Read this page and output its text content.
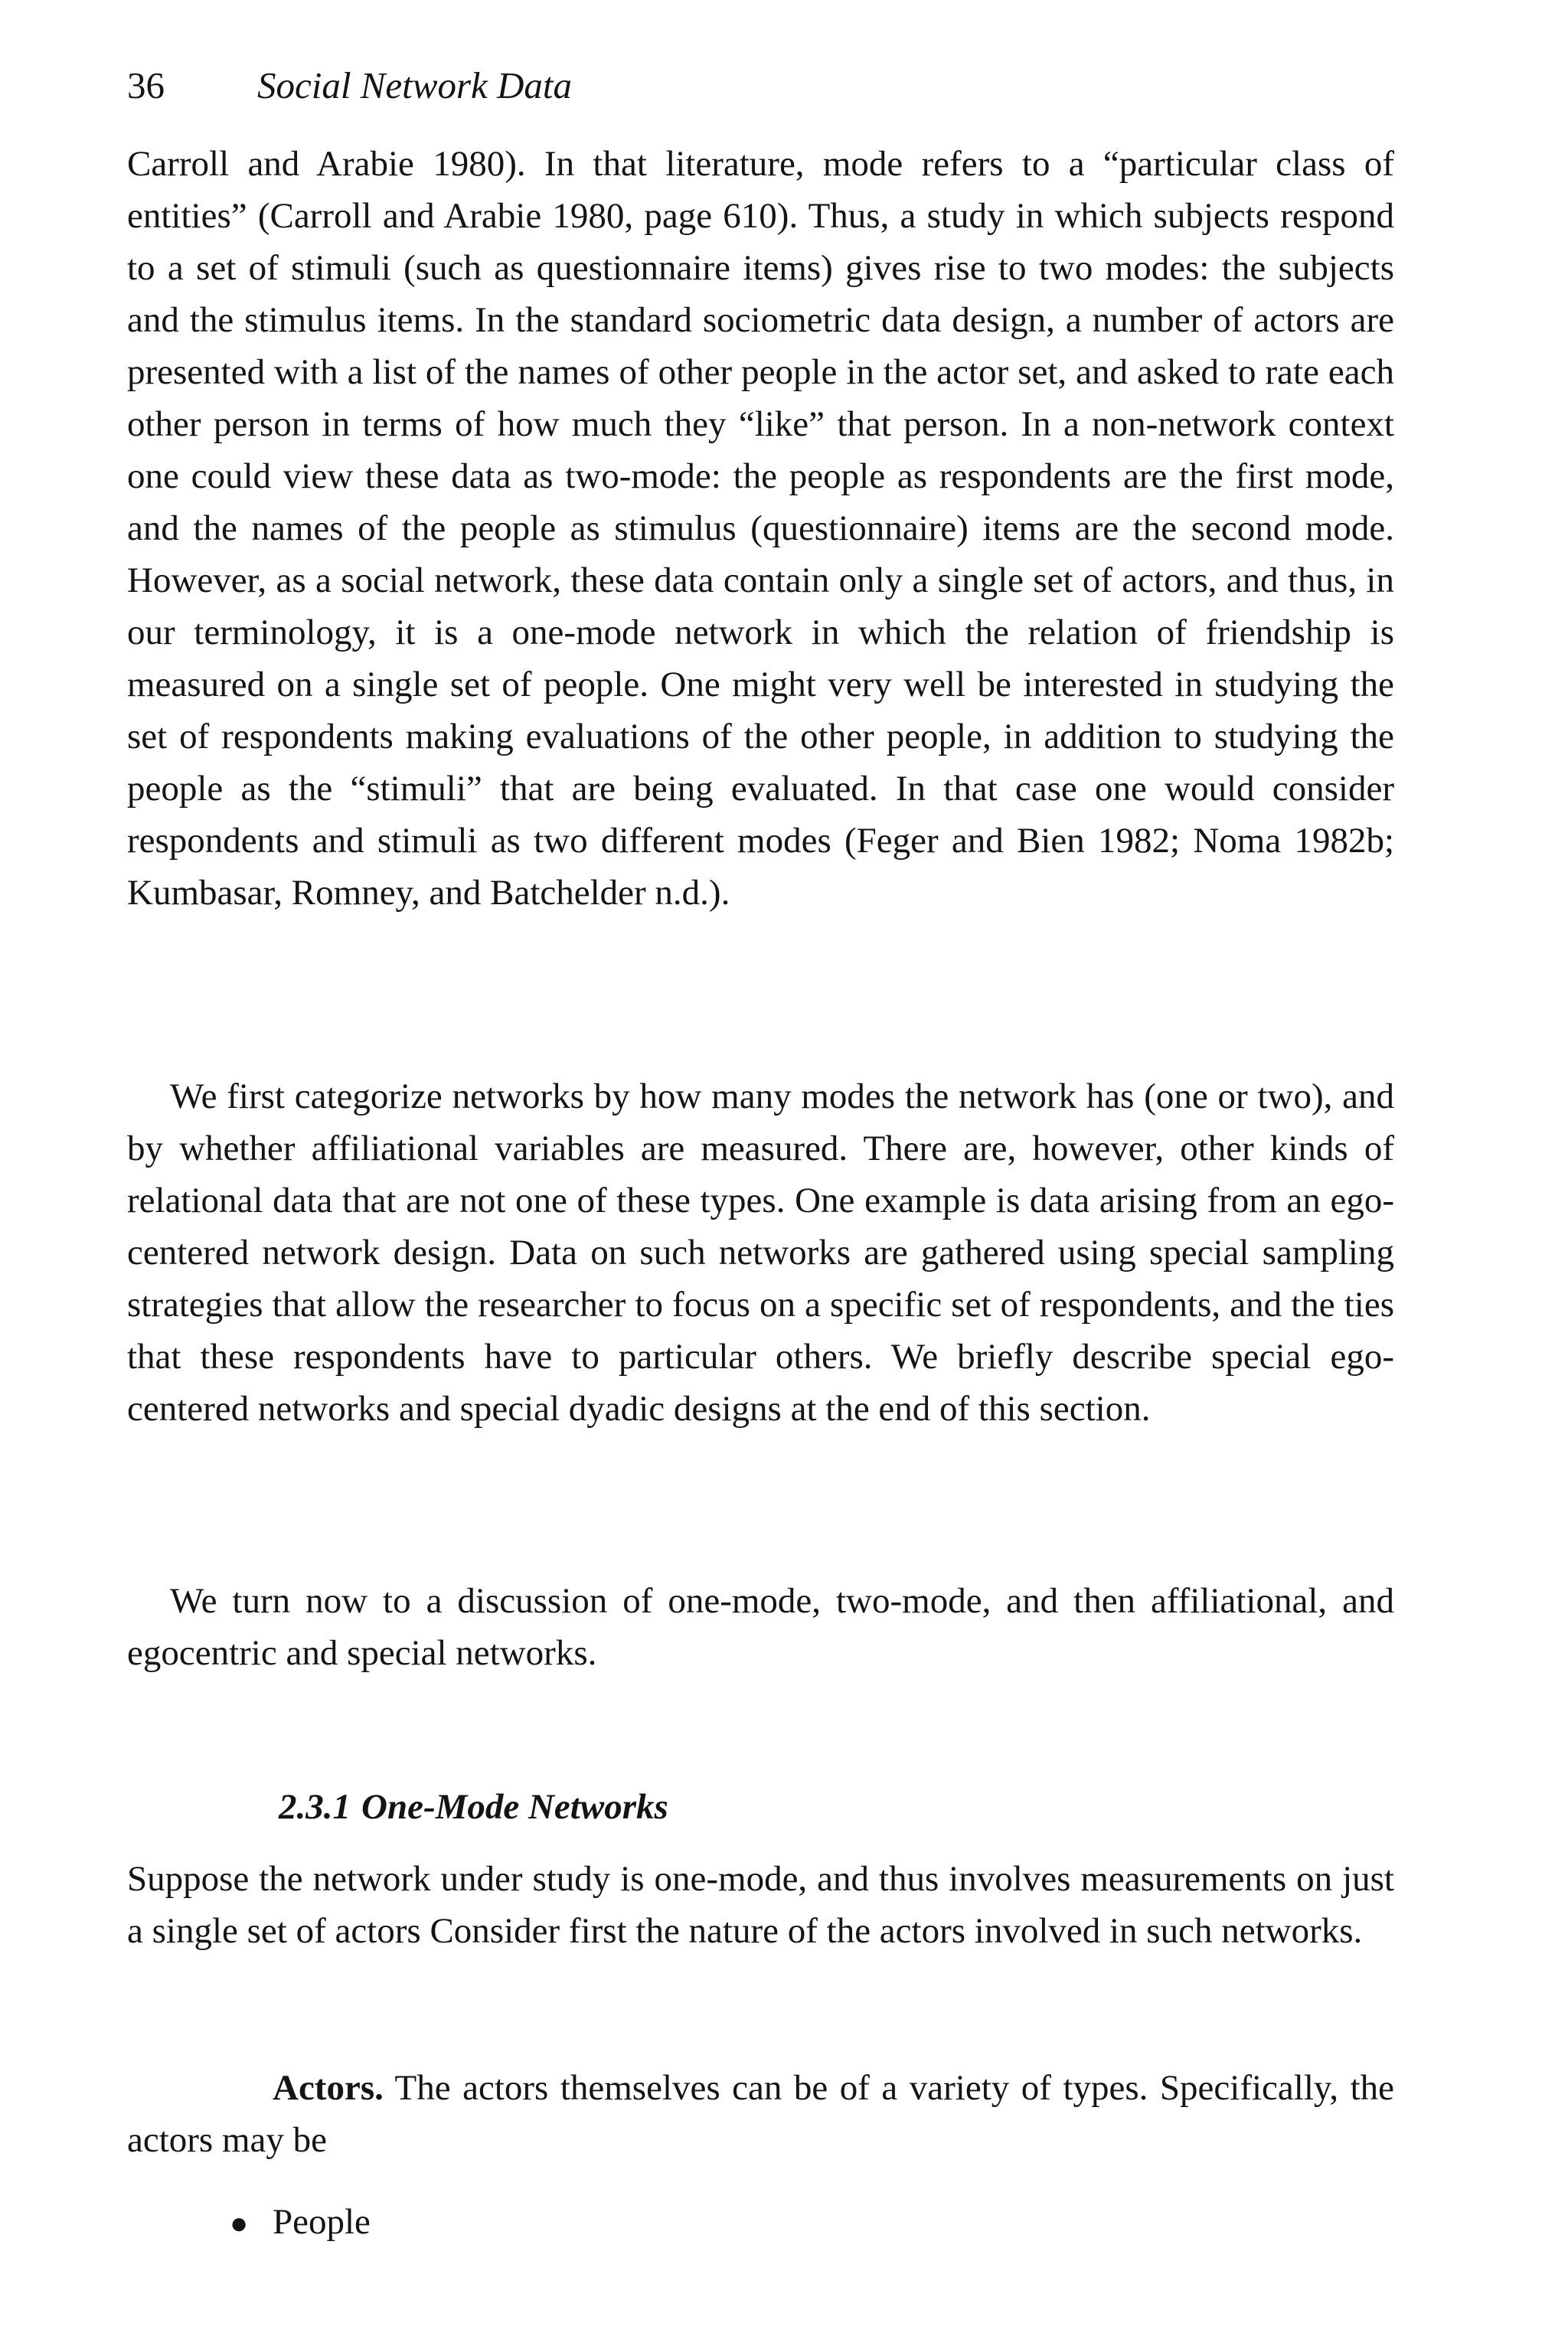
36 Social Network Data

Carroll and Arabie 1980). In that literature, mode refers to a “particular class of entities” (Carroll and Arabie 1980, page 610). Thus, a study in which subjects respond to a set of stimuli (such as questionnaire items) gives rise to two modes: the subjects and the stimulus items. In the standard sociometric data design, a number of actors are presented with a list of the names of other people in the actor set, and asked to rate each other person in terms of how much they “like” that person. In a non-network context one could view these data as two-mode: the people as respondents are the first mode, and the names of the people as stimulus (questionnaire) items are the second mode. However, as a social network, these data contain only a single set of actors, and thus, in our terminology, it is a one-mode network in which the relation of friendship is measured on a single set of people. One might very well be interested in studying the set of respondents making evaluations of the other people, in addition to studying the people as the “stimuli” that are being evaluated. In that case one would consider respondents and stimuli as two different modes (Feger and Bien 1982; Noma 1982b; Kumbasar, Romney, and Batchelder n.d.).

We first categorize networks by how many modes the network has (one or two), and by whether affiliational variables are measured. There are, however, other kinds of relational data that are not one of these types. One example is data arising from an ego-centered network design. Data on such networks are gathered using special sampling strategies that allow the researcher to focus on a specific set of respondents, and the ties that these respondents have to particular others. We briefly describe special ego-centered networks and special dyadic designs at the end of this section.

We turn now to a discussion of one-mode, two-mode, and then affiliational, and egocentric and special networks.

2.3.1 One-Mode Networks

Suppose the network under study is one-mode, and thus involves measurements on just a single set of actors Consider first the nature of the actors involved in such networks.

Actors. The actors themselves can be of a variety of types. Specifically, the actors may be

● People
